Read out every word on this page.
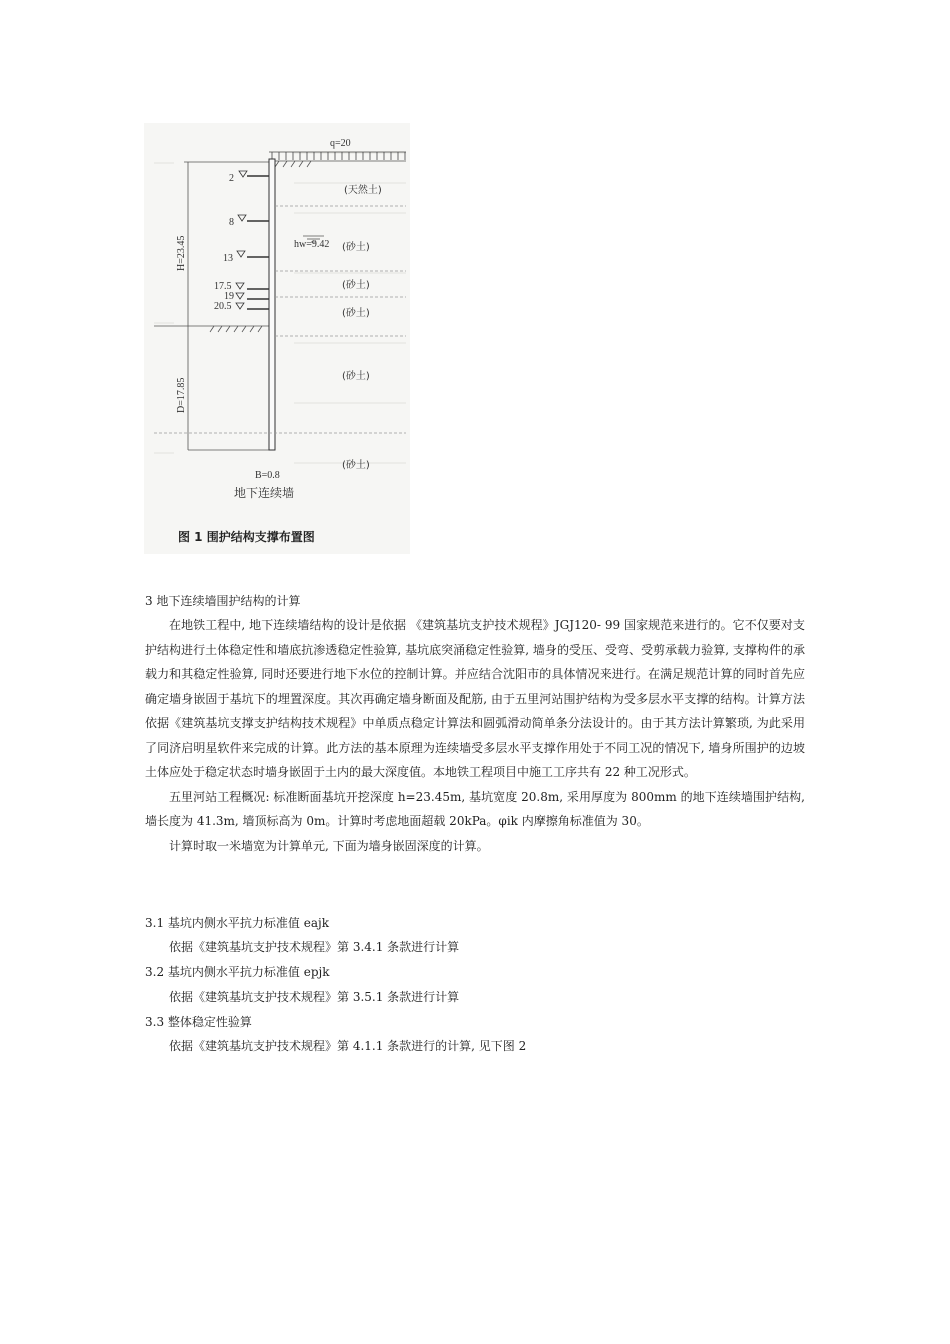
q=20
H=23.45
D=17.85
2
8
13
17.5
19
20.5
hw=9.42
(天然土)
(砂土)
(砂土)
(砂土)
(砂土)
(砂土)
B=0.8
地下连续墙
图 1 围护结构支撑布置图
3 地下连续墙围护结构的计算

在地铁工程中, 地下连续墙结构的设计是依据 《建筑基坑支护技术规程》JGJ120- 99 国家规范来进行的。它不仅要对支护结构进行土体稳定性和墙底抗渗透稳定性验算, 基坑底突涌稳定性验算, 墙身的受压、受弯、受剪承载力验算, 支撑构件的承载力和其稳定性验算, 同时还要进行地下水位的控制计算。并应结合沈阳市的具体情况来进行。在满足规范计算的同时首先应确定墙身嵌固于基坑下的埋置深度。其次再确定墙身断面及配筋, 由于五里河站围护结构为受多层水平支撑的结构。计算方法依据《建筑基坑支撑支护结构技术规程》中单质点稳定计算法和圆弧滑动简单条分法设计的。由于其方法计算繁琐, 为此采用了同济启明星软件来完成的计算。此方法的基本原理为连续墙受多层水平支撑作用处于不同工况的情况下, 墙身所围护的边坡土体应处于稳定状态时墙身嵌固于土内的最大深度值。本地铁工程项目中施工工序共有 22 种工况形式。

五里河站工程概况: 标准断面基坑开挖深度 h=23.45m, 基坑宽度 20.8m, 采用厚度为 800mm 的地下连续墙围护结构, 墙长度为 41.3m, 墙顶标高为 0m。计算时考虑地面超载 20kPa。φik 内摩擦角标准值为 30。

计算时取一米墙宽为计算单元, 下面为墙身嵌固深度的计算。

3.1 基坑内侧水平抗力标准值 eajk
依据《建筑基坑支护技术规程》第 3.4.1 条款进行计算
3.2 基坑内侧水平抗力标准值 epjk
依据《建筑基坑支护技术规程》第 3.5.1 条款进行计算
3.3 整体稳定性验算
依据《建筑基坑支护技术规程》第 4.1.1 条款进行的计算, 见下图 2
